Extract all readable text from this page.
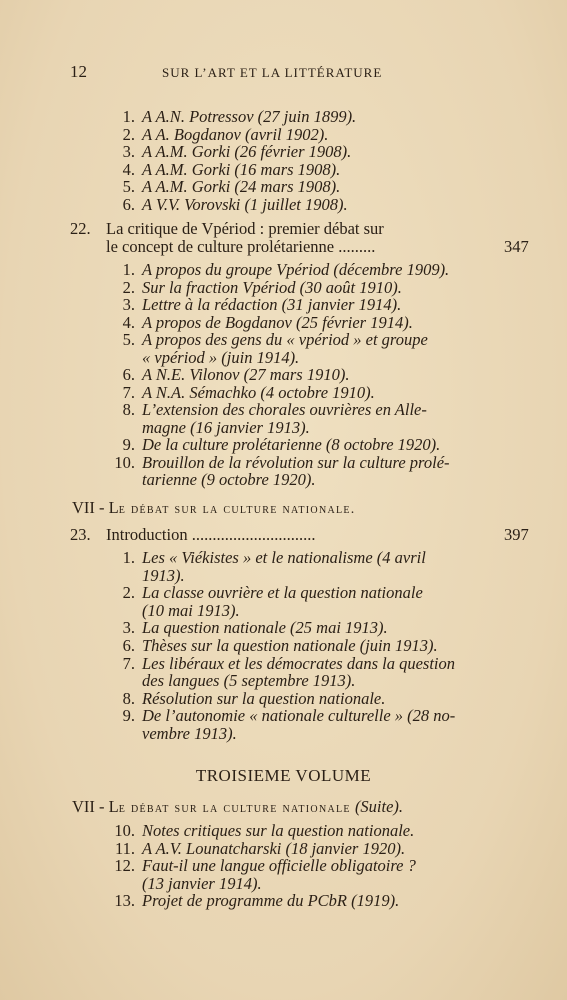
12	SUR L’ART ET LA LITTÉRATURE
1. A A.N. Potressov (27 juin 1899).
2. A A. Bogdanov (avril 1902).
3. A A.M. Gorki (26 février 1908).
4. A A.M. Gorki (16 mars 1908).
5. A A.M. Gorki (24 mars 1908).
6. A V.V. Vorovski (1 juillet 1908).
22. La critique de Vpériod : premier débat sur
le concept de culture prolétarienne .........	347
1. A propos du groupe Vpériod (décembre 1909).
2. Sur la fraction Vpériod (30 août 1910).
3. Lettre à la rédaction (31 janvier 1914).
4. A propos de Bogdanov (25 février 1914).
5. A propos des gens du « vpériod » et groupe
« vpériod » (juin 1914).
6. A N.E. Vilonov (27 mars 1910).
7. A N.A. Sémachko (4 octobre 1910).
8. L’extension des chorales ouvrières en Alle-
magne (16 janvier 1913).
9. De la culture prolétarienne (8 octobre 1920).
10. Brouillon de la révolution sur la culture prolé-
tarienne (9 octobre 1920).
VII - Le débat sur la culture nationale.
23. Introduction ..............................	397
1. Les « Viékistes » et le nationalisme (4 avril
1913).
2. La classe ouvrière et la question nationale
(10 mai 1913).
3. La question nationale (25 mai 1913).
6. Thèses sur la question nationale (juin 1913).
7. Les libéraux et les démocrates dans la question
des langues (5 septembre 1913).
8. Résolution sur la question nationale.
9. De l’autonomie « nationale culturelle » (28 no-
vembre 1913).
TROISIEME VOLUME
VII - Le débat sur la culture nationale (Suite).
10. Notes critiques sur la question nationale.
11. A A.V. Lounatcharski (18 janvier 1920).
12. Faut-il une langue officielle obligatoire ?
(13 janvier 1914).
13. Projet de programme du PCbR (1919).
